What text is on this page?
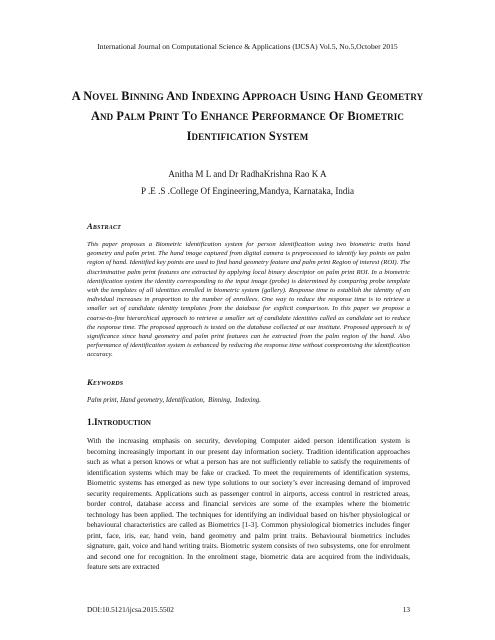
International Journal on Computational Science & Applications (IJCSA) Vol.5, No.5,October 2015
A Novel Binning And Indexing Approach Using Hand Geometry And Palm Print To Enhance Performance Of Biometric Identification System
Anitha M L and Dr RadhaKrishna Rao K A
P .E .S .College Of Engineering,Mandya, Karnataka, India
Abstract

This paper proposes a Biometric identification system for person identification using two biometric traits hand geometry and palm print. The hand image captured from digital camera is preprocessed to identify key points on palm region of hand. Identified key points are used to find hand geometry feature and palm print Region of interest (ROI). The discriminative palm print features are extracted by applying local binary descriptor on palm print ROI. In a biometric identification system the identity corresponding to the input image (probe) is determined by comparing probe template with the templates of all identities enrolled in biometric system (gallery). Response time to establish the identity of an individual increases in proportion to the number of enrollees. One way to reduce the response time is to retrieve a smaller set of candidate identity templates from the database for explicit comparison. In this paper we propose a coarse-to-fine hierarchical approach to retrieve a smaller set of candidate identities called as candidate set to reduce the response time. The proposed approach is tested on the database collected at our institute. Proposed approach is of significance since hand geometry and palm print features can be extracted from the palm region of the hand. Also performance of identification system is enhanced by reducing the response time without compromising the identification accuracy.

Keywords
Palm print, Hand geometry, Identification,  Binning,  Indexing.
1.Introduction

With the increasing emphasis on security, developing Computer aided person identification system is becoming increasingly important in our present day information society. Tradition identification approaches such as what a person knows or what a person has are not sufficiently reliable to satisfy the requirements of identification systems which may be fake or cracked. To meet the requirements of identification systems, Biometric systems has emerged as new type solutions to our society’s ever increasing demand of improved security requirements. Applications such as passenger control in airports, access control in restricted areas, border control, database access and financial services are some of the examples where the biometric technology has been applied. The techniques for identifying an individual based on his/her physiological or behavioural characteristics are called as Biometrics [1-3]. Common physiological biometrics includes finger print, face, iris, ear, hand vein, hand geometry and palm print traits. Behavioural biometrics includes signature, gait, voice and hand writing traits. Biometric system consists of two subsystems, one for enrolment and second one for recognition. In the enrolment stage, biometric data are acquired from the individuals, feature sets are extracted

DOI:10.5121/ijcsa.2015.5502	13
